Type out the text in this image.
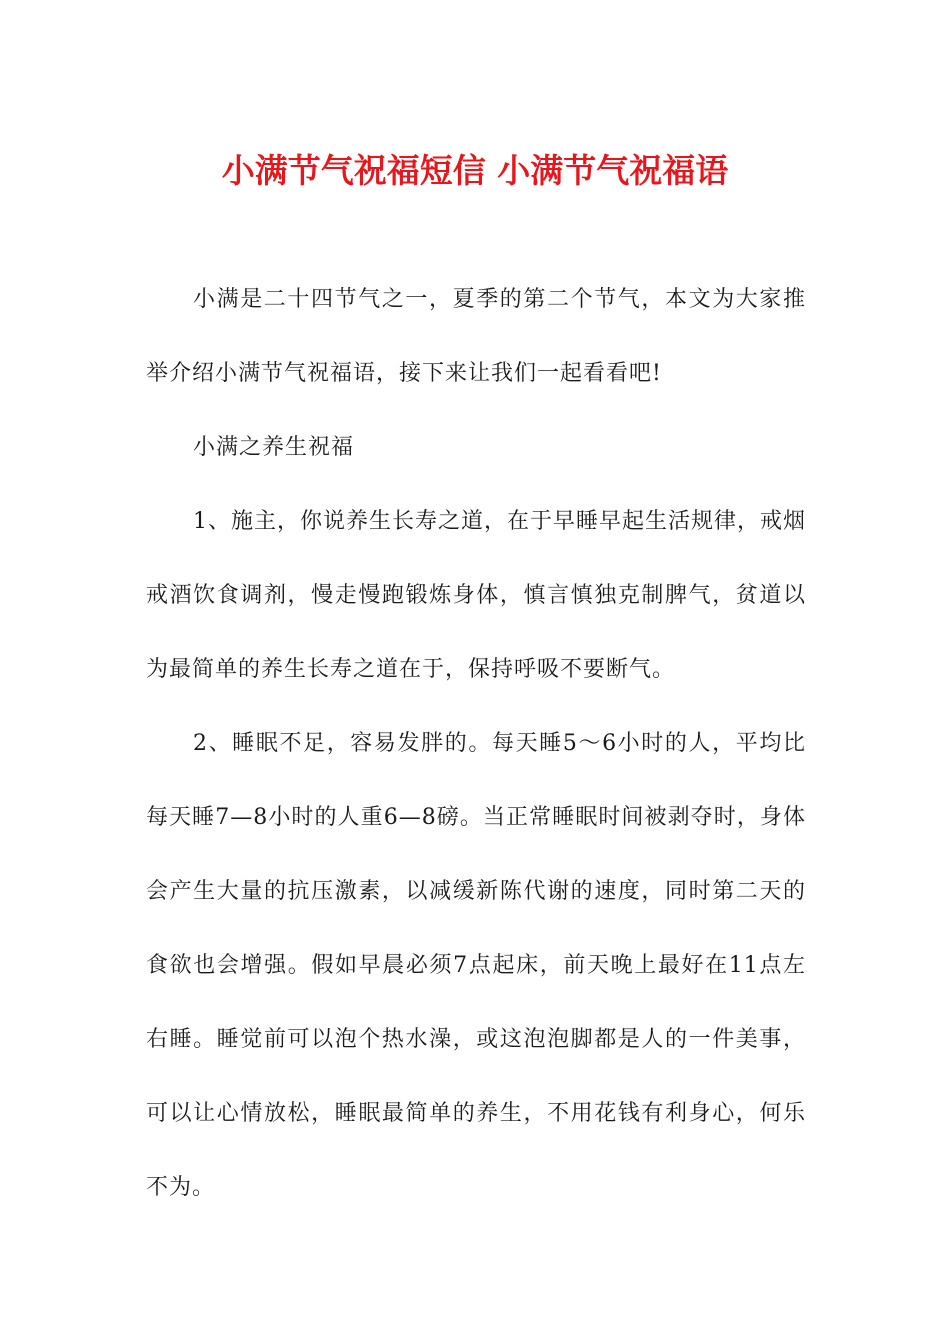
小满节气祝福短信 小满节气祝福语

小满是二十四节气之一，夏季的第二个节气，本文为大家推举介绍小满节气祝福语，接下来让我们一起看看吧!

小满之养生祝福

1、施主，你说养生长寿之道，在于早睡早起生活规律，戒烟戒酒饮食调剂，慢走慢跑锻炼身体，慎言慎独克制脾气，贫道以为最简单的养生长寿之道在于，保持呼吸不要断气。

2、睡眠不足，容易发胖的。每天睡5～6小时的人，平均比每天睡7—8小时的人重6—8磅。当正常睡眠时间被剥夺时，身体会产生大量的抗压激素，以减缓新陈代谢的速度，同时第二天的食欲也会增强。假如早晨必须7点起床，前天晚上最好在11点左右睡。睡觉前可以泡个热水澡，或这泡泡脚都是人的一件美事，可以让心情放松，睡眠最简单的养生，不用花钱有利身心，何乐不为。
